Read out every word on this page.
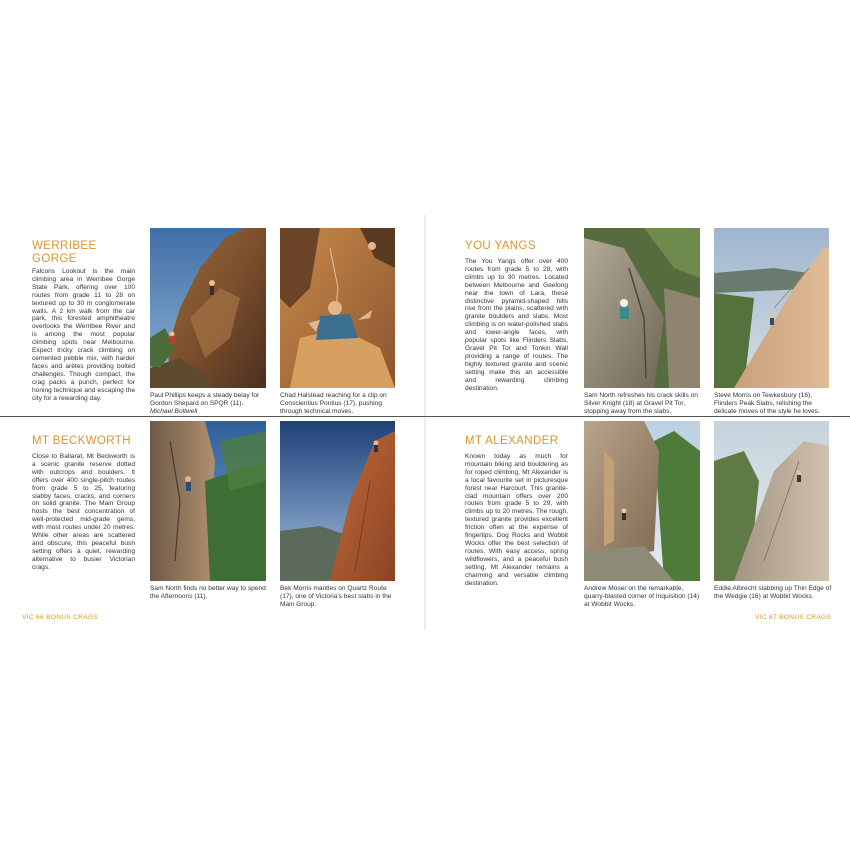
WERRIBEE
GORGE
Falcons Lookout is the main climbing area in Werribee Gorge State Park, offering over 100 routes from grade 11 to 28 on textured up to 30 m conglomerate walls. A 2 km walk from the car park, this forested amphitheatre overlooks the Werribee River and is among the most popular climbing spots near Melbourne. Expect tricky crack climbing on cemented pebble mix, with harder faces and arêtes providing bolted challenges. Though compact, the crag packs a punch, perfect for honing technique and escaping the city for a rewarding day.	Paul Phillips keeps a steady belay for Gordon Shepard on SPQR (11).
Michael Boltwell
Chad Halstead reaching for a clip on Conscientius Pontius (17), pushing through technical moves.
MT BECKWORTH
Close to Ballarat, Mt Beckworth is a scenic granite reserve dotted with outcrops and boulders. It offers over 400 single-pitch routes from grade 5 to 25, featuring slabby faces, cracks, and corners on solid granite. The Main Group hosts the best concentration of well-protected mid-grade gems, with most routes under 20 metres. While other areas are scattered and obscure, this peaceful bush setting offers a quiet, rewarding alternative to busier Victorian crags.
Sam North finds no better way to spend the Afternoons (11).
Bek Morris mantles on Quartz Route (17), one of Victoria's best slabs in the Main Group.
VIC 66 BONUS CRAGS
YOU YANGS
The You Yangs offer over 400 routes from grade 5 to 28, with climbs up to 30 metres. Located between Melbourne and Geelong near the town of Lara, these distinctive pyramid-shaped hills rise from the plains, scattered with granite boulders and slabs. Most climbing is on water-polished slabs and lower-angle faces, with popular spots like Flinders Slabs, Gravel Pit Tor and Tonkin Wall providing a range of routes. The highly textured granite and scenic setting make this an accessible and rewarding climbing destination.
Sam North refreshes his crack skills on Silver Knight (18) at Gravel Pit Tor, stopping away from the slabs.
Steve Morris on Tewkesbury (16), Flinders Peak Slabs, relishing the delicate moves of the style he loves.
MT ALEXANDER
Known today as much for mountain biking and bouldering as for roped climbing, Mt Alexander is a local favourite set in picturesque forest near Harcourt. This granite-clad mountain offers over 200 routes from grade 5 to 29, with climbs up to 20 metres. The rough, textured granite provides excellent friction often at the expense of fingertips. Dog Rocks and Wobbit Wocks offer the best selection of routes. With easy access, spring wildflowers, and a peaceful bush setting, Mt Alexander remains a charming and versatile climbing destination.
Andrew Moser on the remarkable, quarry-blasted corner of Inquisition (14) at Wobbit Wocks.
Eddie Albrecht slabbing up Thin Edge of the Wedgie (16) at Wobbit Wocks.
VIC 67 BONUS CRAGS
